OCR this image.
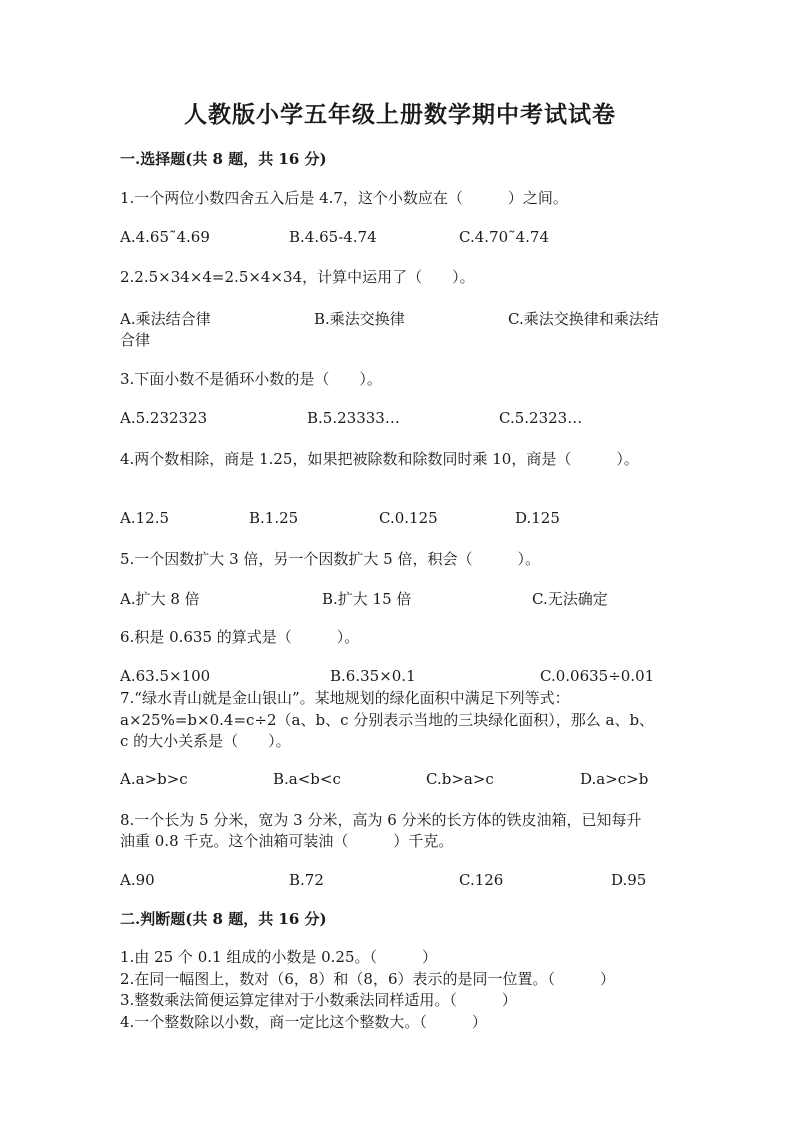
人教版小学五年级上册数学期中考试试卷
一.选择题(共 8 题，共 16 分)
1.一个两位小数四舍五入后是 4.7，这个小数应在（　　　）之间。
A.4.65˜4.69	B.4.65-4.74	C.4.70˜4.74
2.2.5×34×4=2.5×4×34，计算中运用了（　　）。
A.乘法结合律	B.乘法交换律	C.乘法交换律和乘法结
合律
3.下面小数不是循环小数的是（　　）。
A.5.232323	B.5.23333…	C.5.2323…
4.两个数相除，商是 1.25，如果把被除数和除数同时乘 10，商是（　　　）。
A.12.5	B.1.25	C.0.125	D.125
5.一个因数扩大 3 倍，另一个因数扩大 5 倍，积会（　　　）。
A.扩大 8 倍	B.扩大 15 倍	C.无法确定
6.积是 0.635 的算式是（　　　）。
A.63.5×100	B.6.35×0.1	C.0.0635÷0.01
7.“绿水青山就是金山银山”。某地规划的绿化面积中满足下列等式：
a×25%=b×0.4=c÷2（a、b、c 分别表示当地的三块绿化面积），那么 a、b、
c 的大小关系是（　　）。
A.a>b>c	B.a<b<c	C.b>a>c	D.a>c>b
8.一个长为 5 分米，宽为 3 分米，高为 6 分米的长方体的铁皮油箱，已知每升
油重 0.8 千克。这个油箱可装油（　　　）千克。
A.90	B.72	C.126	D.95
二.判断题(共 8 题，共 16 分)
1.由 25 个 0.1 组成的小数是 0.25。（　　　）
2.在同一幅图上，数对（6，8）和（8，6）表示的是同一位置。（　　　）
3.整数乘法简便运算定律对于小数乘法同样适用。（　　　）
4.一个整数除以小数，商一定比这个整数大。（　　　）
